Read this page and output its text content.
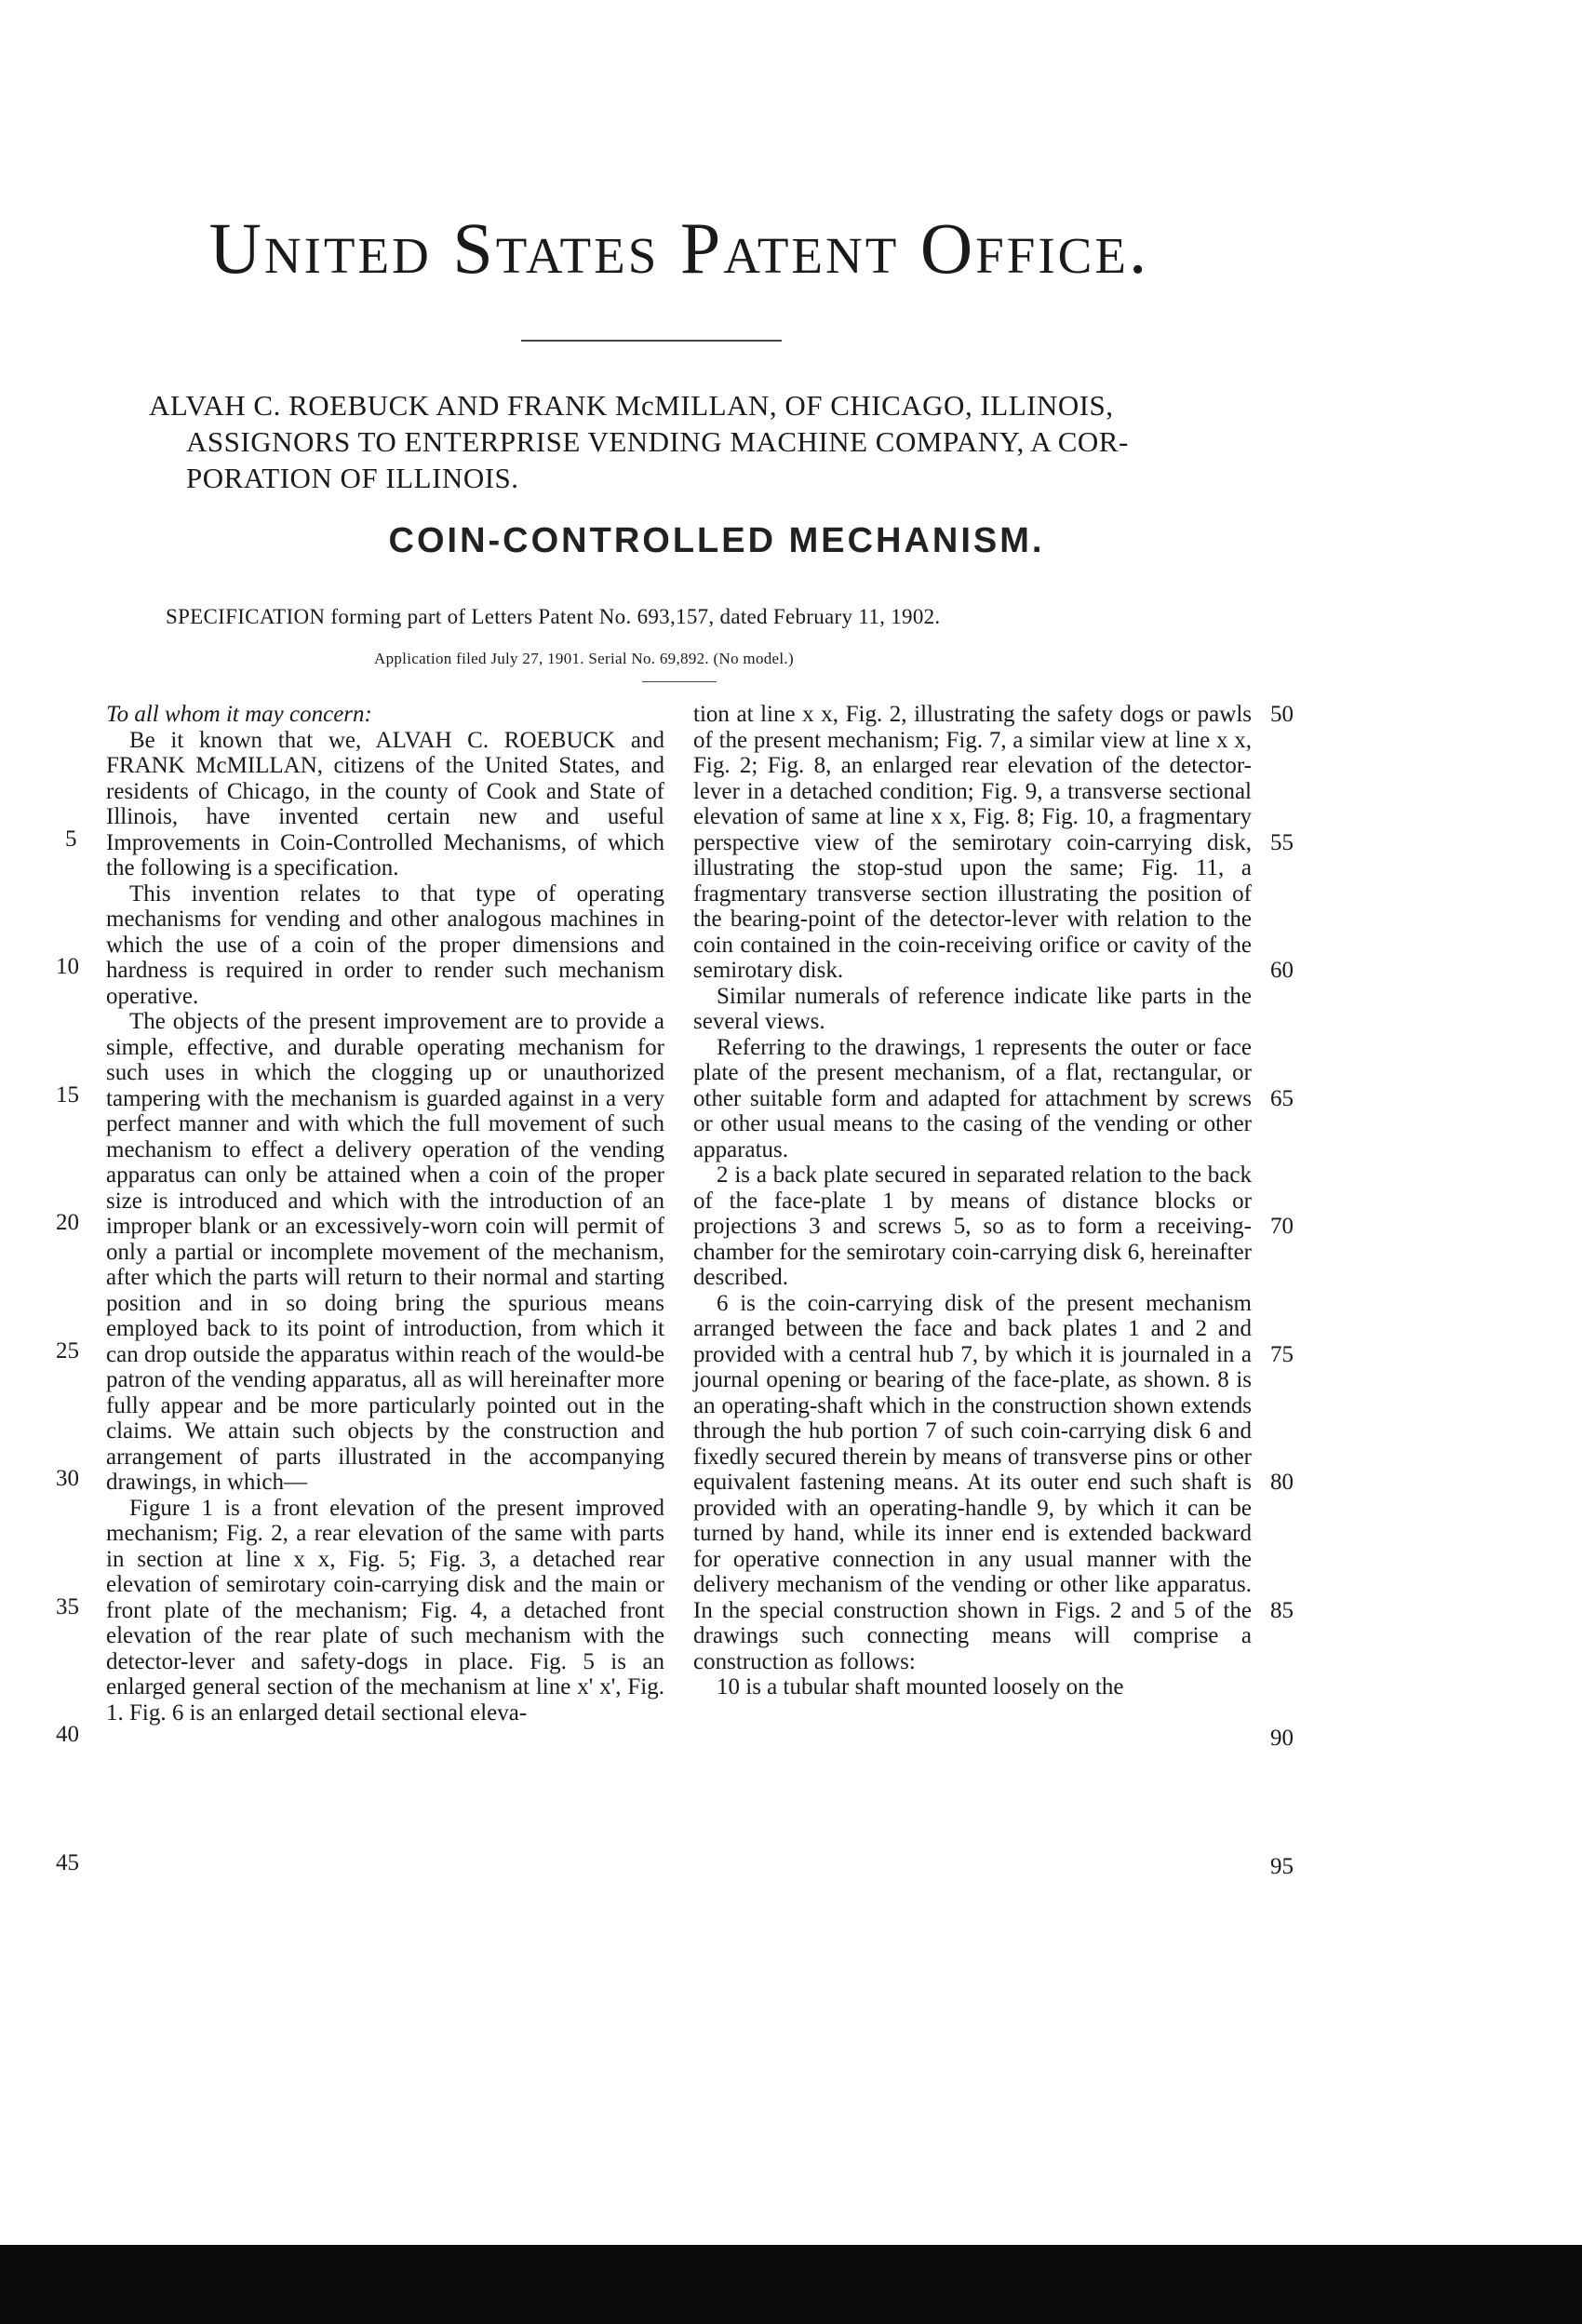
United States Patent Office.
ALVAH C. ROEBUCK AND FRANK McMILLAN, OF CHICAGO, ILLINOIS,
ASSIGNORS TO ENTERPRISE VENDING MACHINE COMPANY, A COR-
PORATION OF ILLINOIS.
COIN-CONTROLLED MECHANISM.
SPECIFICATION forming part of Letters Patent No. 693,157, dated February 11, 1902.
Application filed July 27, 1901. Serial No. 69,892. (No model.)

To all whom it may concern:

Be it known that we, ALVAH C. ROEBUCK and FRANK McMILLAN, citizens of the United States, and residents of Chicago, in the county of Cook and State of Illinois, have invented certain new and useful Improvements in Coin-Controlled Mechanisms, of which the following is a specification.

This invention relates to that type of operating mechanisms for vending and other analogous machines in which the use of a coin of the proper dimensions and hardness is required in order to render such mechanism operative.

The objects of the present improvement are to provide a simple, effective, and durable operating mechanism for such uses in which the clogging up or unauthorized tampering with the mechanism is guarded against in a very perfect manner and with which the full movement of such mechanism to effect a delivery operation of the vending apparatus can only be attained when a coin of the proper size is introduced and which with the introduction of an improper blank or an excessively-worn coin will permit of only a partial or incomplete movement of the mechanism, after which the parts will return to their normal and starting position and in so doing bring the spurious means employed back to its point of introduction, from which it can drop outside the apparatus within reach of the would-be patron of the vending apparatus, all as will hereinafter more fully appear and be more particularly pointed out in the claims. We attain such objects by the construction and arrangement of parts illustrated in the accompanying drawings, in which—

Figure 1 is a front elevation of the present improved mechanism; Fig. 2, a rear elevation of the same with parts in section at line x x, Fig. 5; Fig. 3, a detached rear elevation of semirotary coin-carrying disk and the main or front plate of the mechanism; Fig. 4, a detached front elevation of the rear plate of such mechanism with the detector-lever and safety-dogs in place. Fig. 5 is an enlarged general section of the mechanism at line x' x', Fig. 1. Fig. 6 is an enlarged detail sectional eleva-

tion at line x x, Fig. 2, illustrating the safety dogs or pawls of the present mechanism; Fig. 7, a similar view at line x x, Fig. 2; Fig. 8, an enlarged rear elevation of the detector-lever in a detached condition; Fig. 9, a transverse sectional elevation of same at line x x, Fig. 8; Fig. 10, a fragmentary perspective view of the semirotary coin-carrying disk, illustrating the stop-stud upon the same; Fig. 11, a fragmentary transverse section illustrating the position of the bearing-point of the detector-lever with relation to the coin contained in the coin-receiving orifice or cavity of the semirotary disk.

Similar numerals of reference indicate like parts in the several views.

Referring to the drawings, 1 represents the outer or face plate of the present mechanism, of a flat, rectangular, or other suitable form and adapted for attachment by screws or other usual means to the casing of the vending or other apparatus.

2 is a back plate secured in separated relation to the back of the face-plate 1 by means of distance blocks or projections 3 and screws 5, so as to form a receiving-chamber for the semirotary coin-carrying disk 6, hereinafter described.

6 is the coin-carrying disk of the present mechanism arranged between the face and back plates 1 and 2 and provided with a central hub 7, by which it is journaled in a journal opening or bearing of the face-plate, as shown. 8 is an operating-shaft which in the construction shown extends through the hub portion 7 of such coin-carrying disk 6 and fixedly secured therein by means of transverse pins or other equivalent fastening means. At its outer end such shaft is provided with an operating-handle 9, by which it can be turned by hand, while its inner end is extended backward for operative connection in any usual manner with the delivery mechanism of the vending or other like apparatus. In the special construction shown in Figs. 2 and 5 of the drawings such connecting means will comprise a construction as follows:

10 is a tubular shaft mounted loosely on the

5
10
15
20
25
30
35
40
45
50
55
60
65
70
75
80
85
90
95
